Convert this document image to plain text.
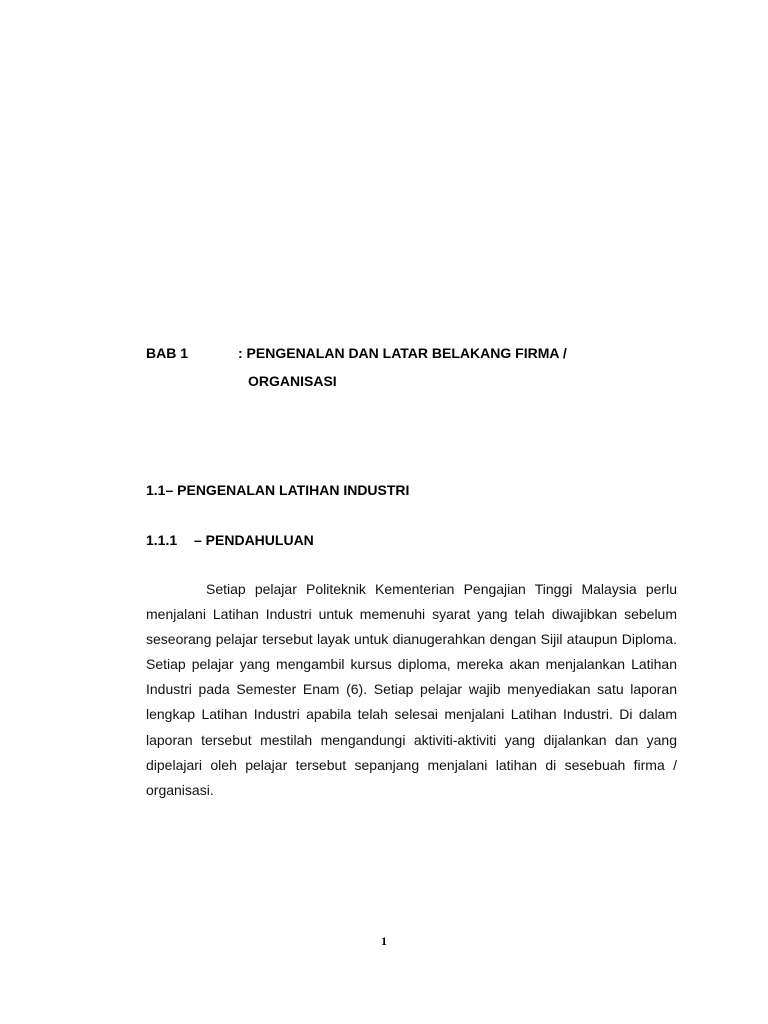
BAB 1	: PENGENALAN DAN LATAR BELAKANG FIRMA /
ORGANISASI
1.1– PENGENALAN LATIHAN INDUSTRI
1.1.1 – PENDAHULUAN

Setiap pelajar Politeknik Kementerian Pengajian Tinggi Malaysia perlu menjalani Latihan Industri untuk memenuhi syarat yang telah diwajibkan sebelum seseorang pelajar tersebut layak untuk dianugerahkan dengan Sijil ataupun Diploma. Setiap pelajar yang mengambil kursus diploma, mereka akan menjalankan Latihan Industri pada Semester Enam (6). Setiap pelajar wajib menyediakan satu laporan lengkap Latihan Industri apabila telah selesai menjalani Latihan Industri. Di dalam laporan tersebut mestilah mengandungi aktiviti-aktiviti yang dijalankan dan yang dipelajari oleh pelajar tersebut sepanjang menjalani latihan di sesebuah firma / organisasi.

1
